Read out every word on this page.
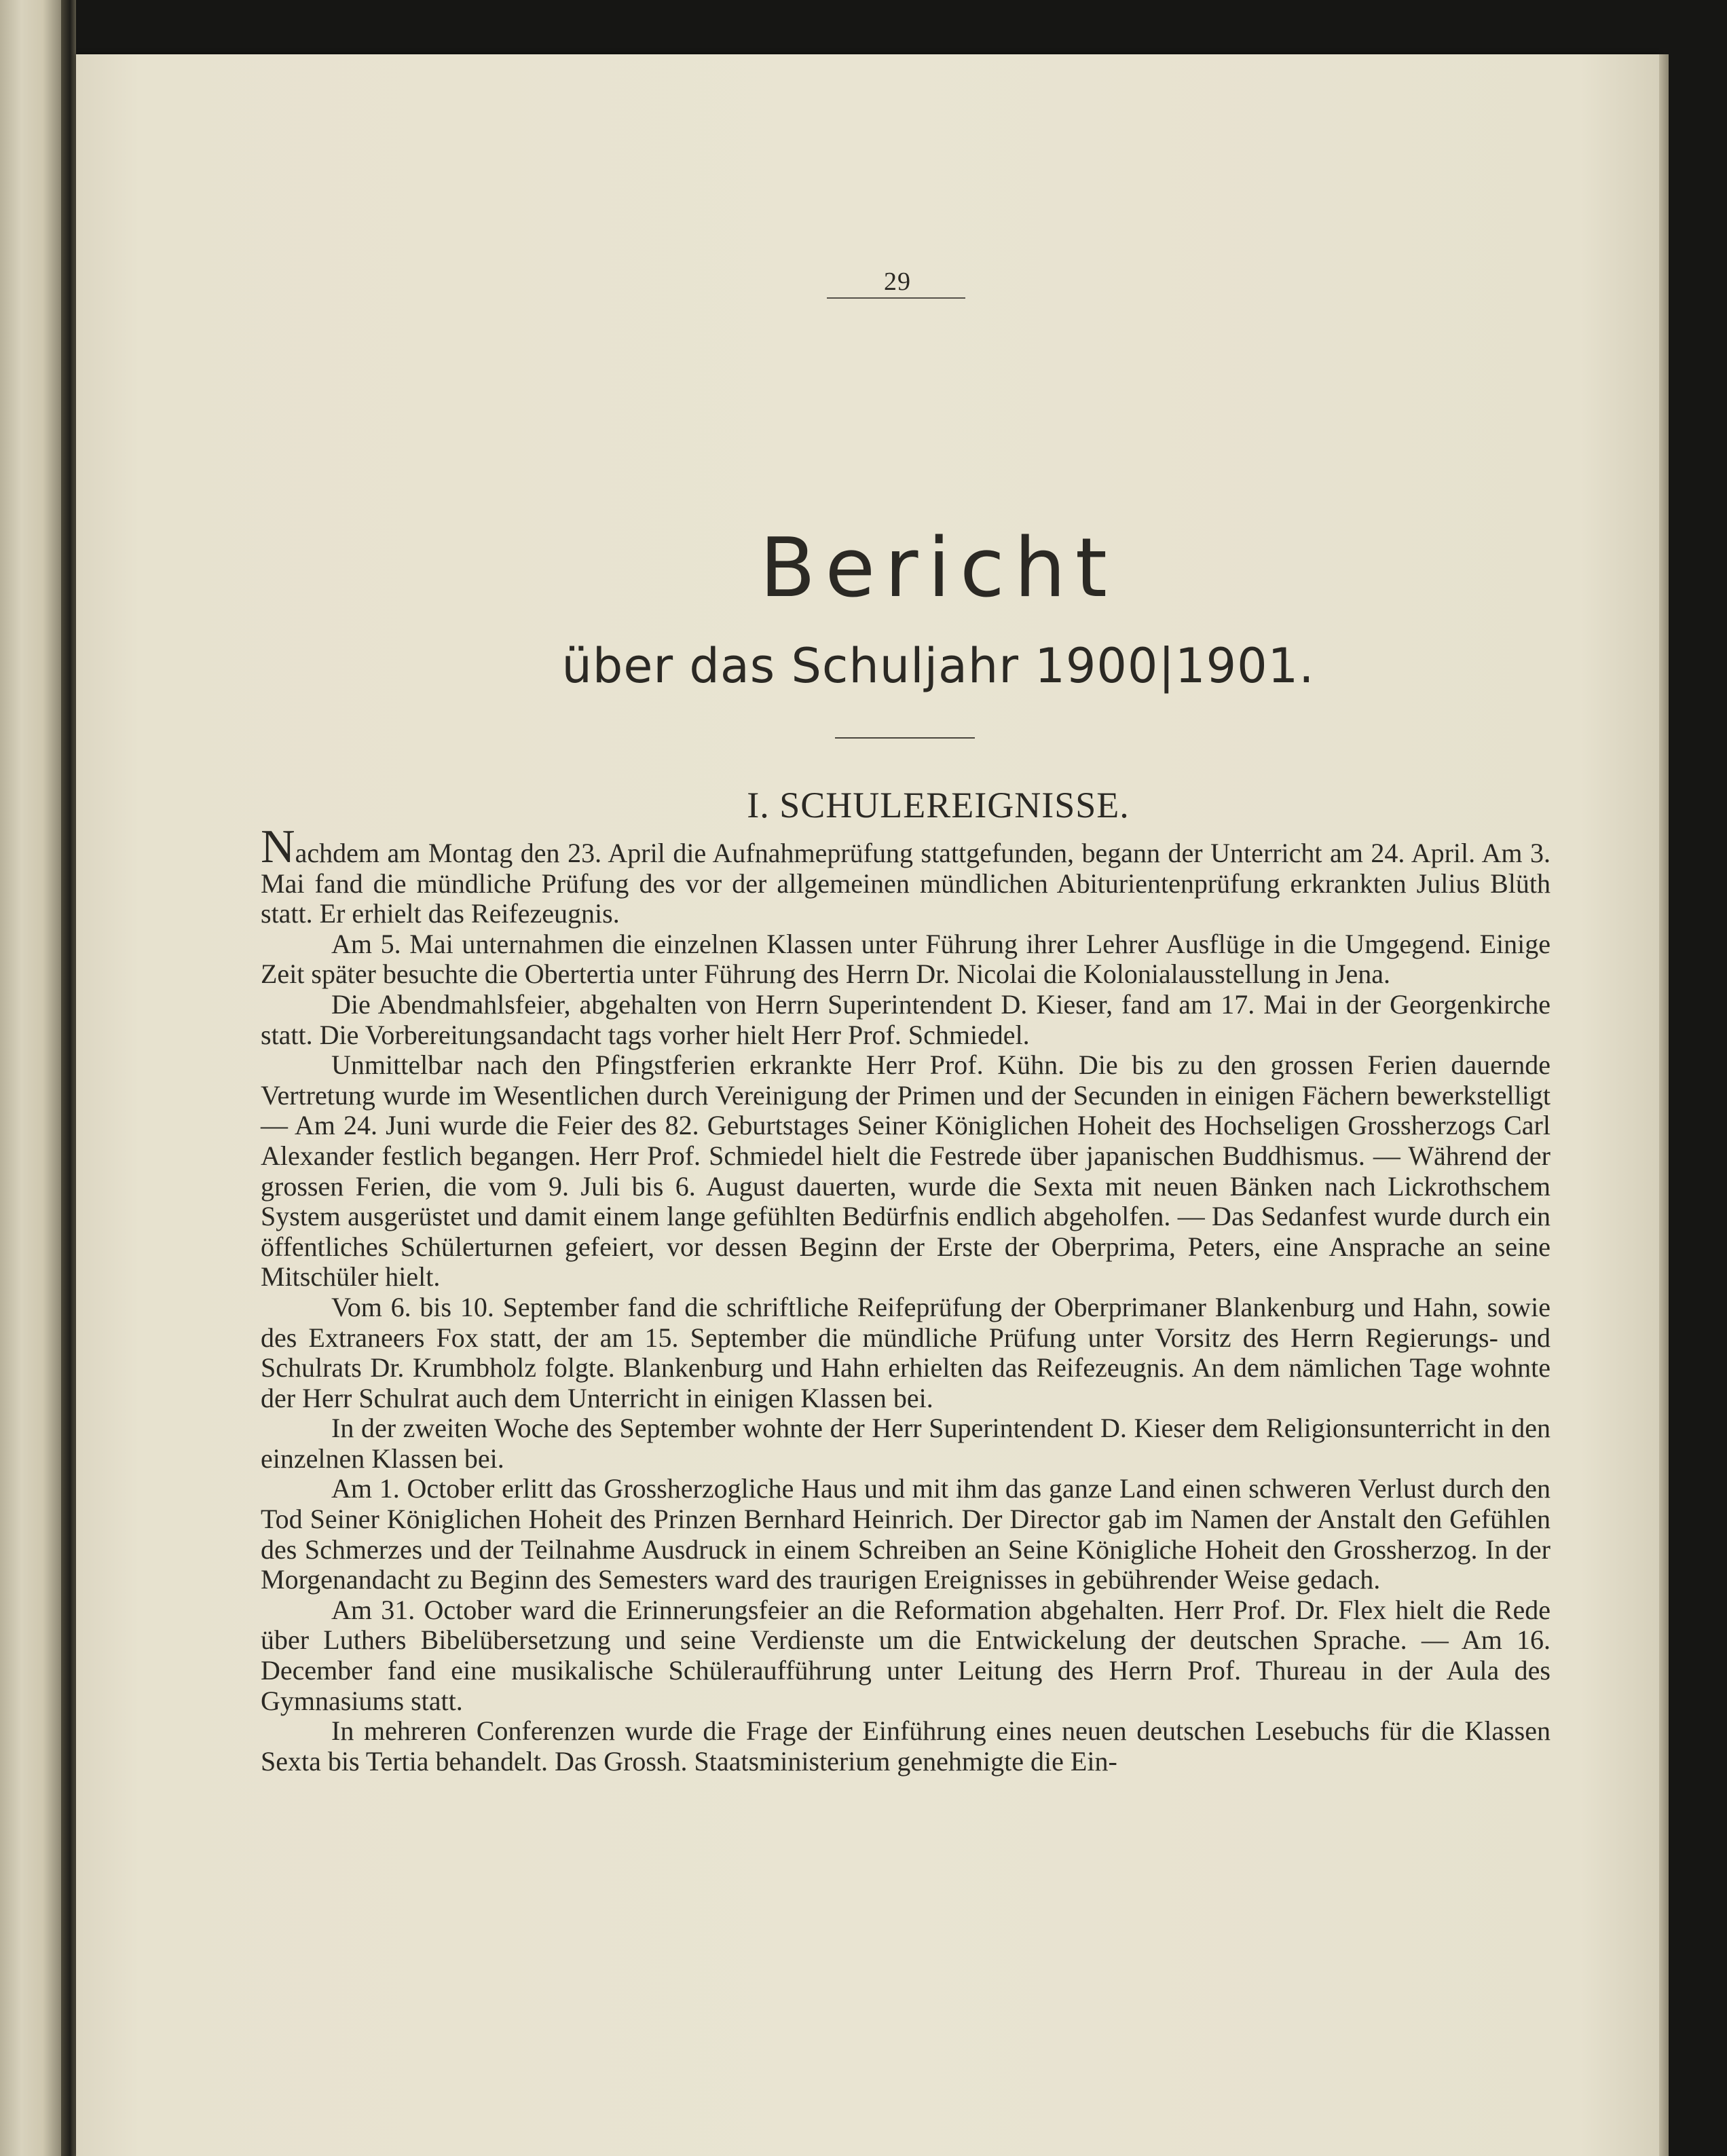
29
Bericht
über das Schuljahr 1900|1901.
I. SCHULEREIGNISSE.

Nachdem am Montag den 23. April die Aufnahmeprüfung stattgefunden, begann der Unterricht am 24. April. Am 3. Mai fand die mündliche Prüfung des vor der allgemeinen mündlichen Abiturientenprüfung erkrankten Julius Blüth statt. Er erhielt das Reifezeugnis.

Am 5. Mai unternahmen die einzelnen Klassen unter Führung ihrer Lehrer Ausflüge in die Umgegend. Einige Zeit später besuchte die Obertertia unter Führung des Herrn Dr. Nicolai die Kolonialausstellung in Jena.

Die Abendmahlsfeier, abgehalten von Herrn Superintendent D. Kieser, fand am 17. Mai in der Georgenkirche statt. Die Vorbereitungsandacht tags vorher hielt Herr Prof. Schmiedel.

Unmittelbar nach den Pfingstferien erkrankte Herr Prof. Kühn. Die bis zu den grossen Ferien dauernde Vertretung wurde im Wesentlichen durch Vereinigung der Primen und der Secunden in einigen Fächern bewerkstelligt — Am 24. Juni wurde die Feier des 82. Geburtstages Seiner Königlichen Hoheit des Hochseligen Grossherzogs Carl Alexander festlich begangen. Herr Prof. Schmiedel hielt die Festrede über japanischen Buddhismus. — Während der grossen Ferien, die vom 9. Juli bis 6. August dauerten, wurde die Sexta mit neuen Bänken nach Lickrothschem System ausgerüstet und damit einem lange gefühlten Bedürfnis endlich abgeholfen. — Das Sedanfest wurde durch ein öffentliches Schülerturnen gefeiert, vor dessen Beginn der Erste der Oberprima, Peters, eine Ansprache an seine Mitschüler hielt.

Vom 6. bis 10. September fand die schriftliche Reifeprüfung der Oberprimaner Blankenburg und Hahn, sowie des Extraneers Fox statt, der am 15. September die mündliche Prüfung unter Vorsitz des Herrn Regierungs- und Schulrats Dr. Krumbholz folgte. Blankenburg und Hahn erhielten das Reifezeugnis. An dem nämlichen Tage wohnte der Herr Schulrat auch dem Unterricht in einigen Klassen bei.

In der zweiten Woche des September wohnte der Herr Superintendent D. Kieser dem Religionsunterricht in den einzelnen Klassen bei.

Am 1. October erlitt das Grossherzogliche Haus und mit ihm das ganze Land einen schweren Verlust durch den Tod Seiner Königlichen Hoheit des Prinzen Bernhard Heinrich. Der Director gab im Namen der Anstalt den Gefühlen des Schmerzes und der Teilnahme Ausdruck in einem Schreiben an Seine Königliche Hoheit den Grossherzog. In der Morgenandacht zu Beginn des Semesters ward des traurigen Ereignisses in gebührender Weise gedach.

Am 31. October ward die Erinnerungsfeier an die Reformation abgehalten. Herr Prof. Dr. Flex hielt die Rede über Luthers Bibelübersetzung und seine Verdienste um die Entwickelung der deutschen Sprache. — Am 16. December fand eine musikalische Schüleraufführung unter Leitung des Herrn Prof. Thureau in der Aula des Gymnasiums statt.

In mehreren Conferenzen wurde die Frage der Einführung eines neuen deutschen Lesebuchs für die Klassen Sexta bis Tertia behandelt. Das Grossh. Staatsministerium genehmigte die Ein-
